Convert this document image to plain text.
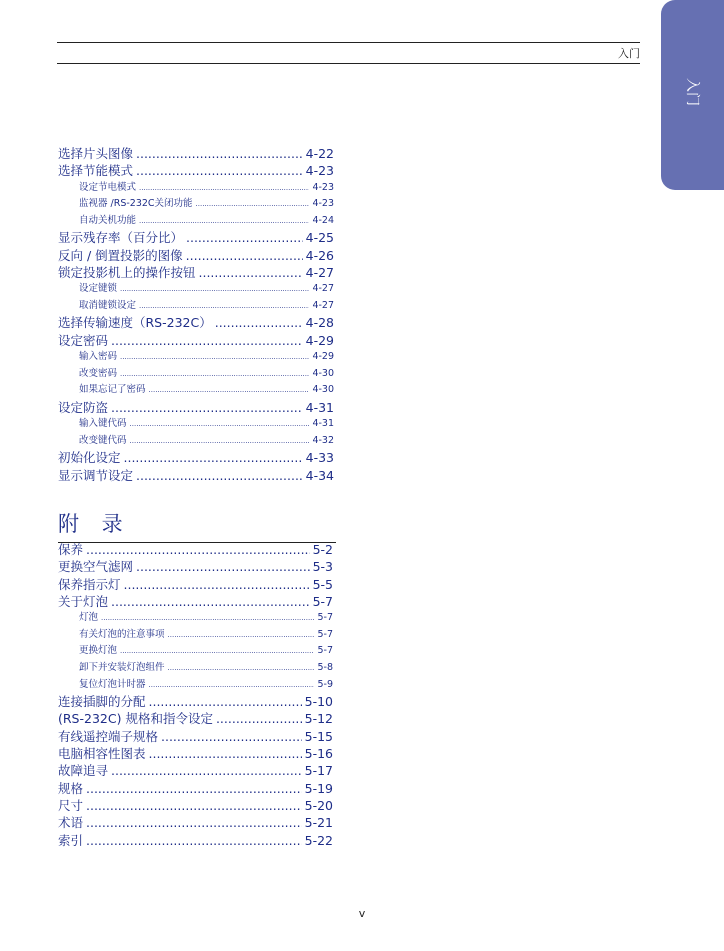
入门
入门
选择片头图像 .....	4-22
选择节能模式 .....	4-23
设定节电模式 .....	4-23
监视器 /RS-232C关闭功能 .....	4-23
自动关机功能 .....	4-24
显示残存率（百分比） .....	4-25
反向 / 倒置投影的图像 .....	4-26
锁定投影机上的操作按钮 .....	4-27
设定键锁 .....	4-27
取消键锁设定 .....	4-27
选择传输速度（RS-232C） .....	4-28
设定密码 .....	4-29
输入密码 .....	4-29
改变密码 .....	4-30
如果忘记了密码 .....	4-30
设定防盗 .....	4-31
输入键代码 .....	4-31
改变键代码 .....	4-32
初始化设定 .....	4-33
显示调节设定 .....	4-34
附 录
保养 .....	5-2
更换空气滤网 .....	5-3
保养指示灯 .....	5-5
关于灯泡 .....	5-7
灯泡 .....	5-7
有关灯泡的注意事项 .....	5-7
更换灯泡 .....	5-7
卸下并安装灯泡组件 .....	5-8
复位灯泡计时器 .....	5-9
连接插脚的分配 .....	5-10
(RS-232C) 规格和指令设定 .....	5-12
有线遥控端子规格 .....	5-15
电脑相容性图表 .....	5-16
故障追寻 .....	5-17
规格 .....	5-19
尺寸 .....	5-20
术语 .....	5-21
索引 .....	5-22
v
